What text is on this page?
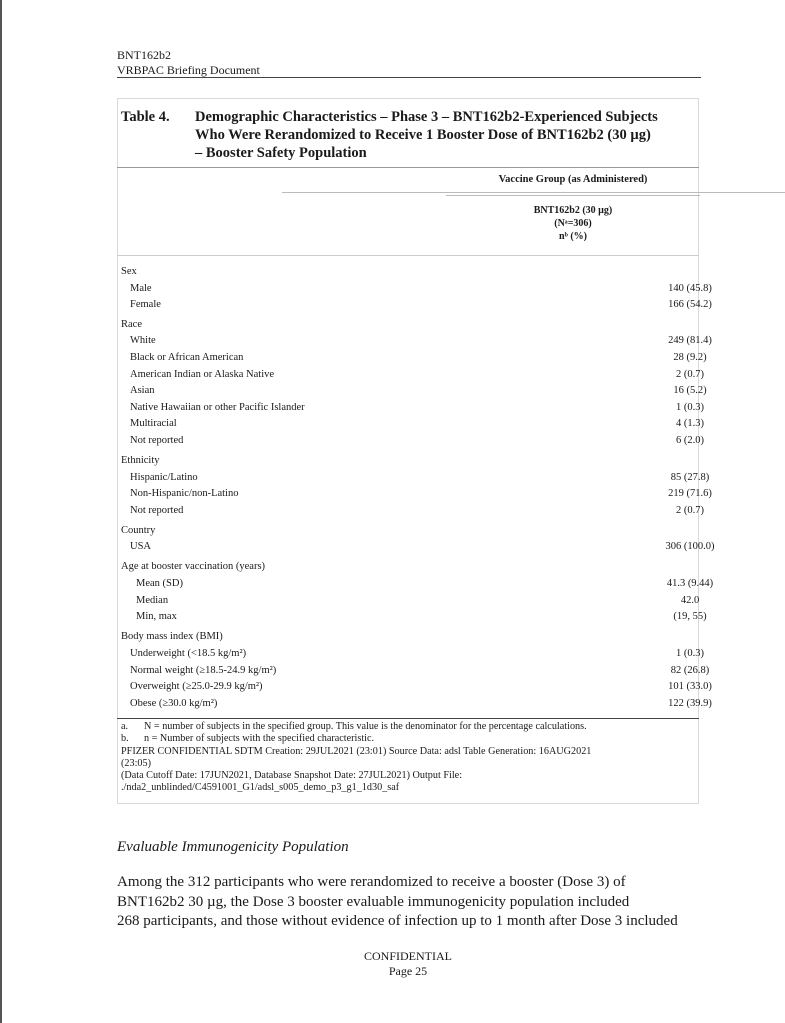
BNT162b2
VRBPAC Briefing Document
Table 4. Demographic Characteristics – Phase 3 – BNT162b2-Experienced Subjects
Who Were Rerandomized to Receive 1 Booster Dose of BNT162b2 (30 µg)
– Booster Safety Population
Vaccine Group (as Administered)
BNT162b2 (30 µg)
(Nᵃ=306)
nᵇ (%)
Sex
Male	140 (45.8)
Female	166 (54.2)
Race
White	249 (81.4)
Black or African American	28 (9.2)
American Indian or Alaska Native	2 (0.7)
Asian	16 (5.2)
Native Hawaiian or other Pacific Islander	1 (0.3)
Multiracial	4 (1.3)
Not reported	6 (2.0)
Ethnicity
Hispanic/Latino	85 (27.8)
Non-Hispanic/non-Latino	219 (71.6)
Not reported	2 (0.7)
Country
USA	306 (100.0)
Age at booster vaccination (years)
Mean (SD)	41.3 (9.44)
Median	42.0
Min, max	(19, 55)
Body mass index (BMI)
Underweight (<18.5 kg/m²)	1 (0.3)
Normal weight (≥18.5-24.9 kg/m²)	82 (26.8)
Overweight (≥25.0-29.9 kg/m²)	101 (33.0)
Obese (≥30.0 kg/m²)	122 (39.9)
a. N = number of subjects in the specified group. This value is the denominator for the percentage calculations.
b. n = Number of subjects with the specified characteristic.
PFIZER CONFIDENTIAL SDTM Creation: 29JUL2021 (23:01) Source Data: adsl Table Generation: 16AUG2021
(23:05)
(Data Cutoff Date: 17JUN2021, Database Snapshot Date: 27JUL2021) Output File:
./nda2_unblinded/C4591001_G1/adsl_s005_demo_p3_g1_1d30_saf
Evaluable Immunogenicity Population
Among the 312 participants who were rerandomized to receive a booster (Dose 3) of
BNT162b2 30 µg, the Dose 3 booster evaluable immunogenicity population included
268 participants, and those without evidence of infection up to 1 month after Dose 3 included
CONFIDENTIAL
Page 25
